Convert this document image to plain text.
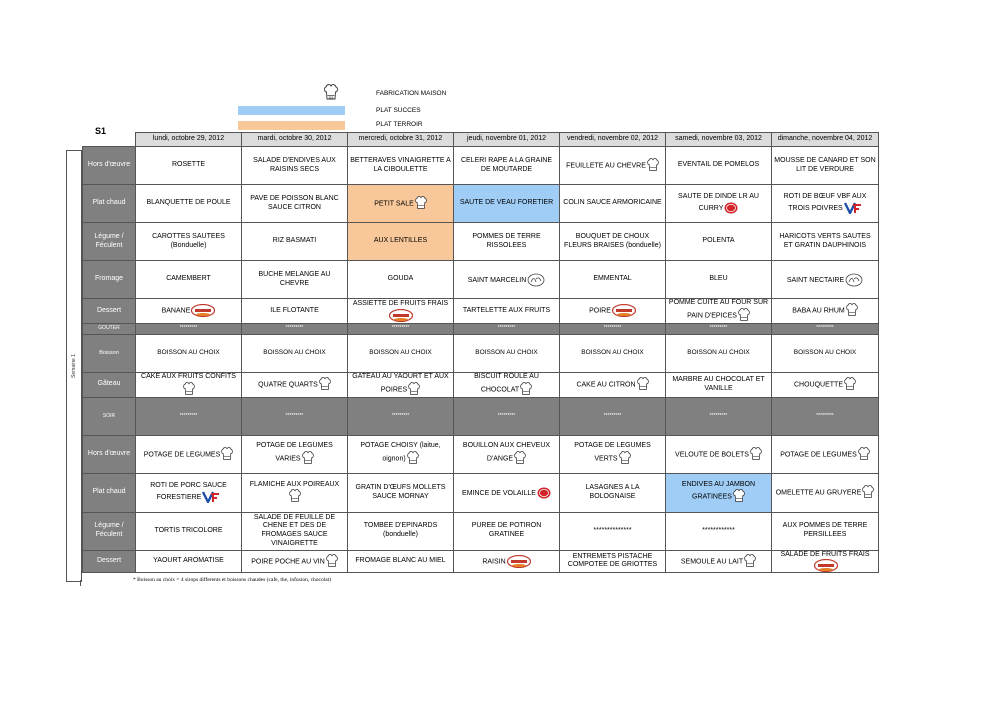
ISS
FABRICATION MAISON
PLAT SUCCES
PLAT TERROIR
S1
Semaine 1
	lundi, octobre 29, 2012	mardi, octobre 30, 2012	mercredi, octobre 31, 2012	jeudi, novembre 01, 2012	vendredi, novembre 02, 2012	samedi, novembre 03, 2012	dimanche, novembre 04, 2012
Hors d'œuvre	ROSETTE	SALADE D'ENDIVES AUX RAISINS SECS	BETTERAVES VINAIGRETTE A LA CIBOULETTE	CELERI RAPE A LA GRAINE DE MOUTARDE	FEUILLETE AU CHEVRE	EVENTAIL DE POMELOS	MOUSSE DE CANARD ET SON LIT DE VERDURE
Plat chaud	BLANQUETTE DE POULE	PAVE DE POISSON BLANC SAUCE CITRON	PETIT SALE	SAUTE DE VEAU FORETIER	COLIN SAUCE ARMORICAINE	SAUTE DE DINDE LR AU CURRY	ROTI DE BŒUF VBF AUX TROIS POIVRES
Légume / Féculent	CAROTTES SAUTEES (Bonduelle)	RIZ BASMATI	AUX LENTILLES	POMMES DE TERRE RISSOLEES	BOUQUET DE CHOUX FLEURS BRAISES (bonduelle)	POLENTA	HARICOTS VERTS SAUTES ET GRATIN DAUPHINOIS
Fromage	CAMEMBERT	BUCHE MELANGE AU CHEVRE	GOUDA	SAINT MARCELIN	EMMENTAL	BLEU	SAINT NECTAIRE
Dessert	BANANE	ILE FLOTANTE	ASSIETTE DE FRUITS FRAIS	TARTELETTE AUX FRUITS	POIRE	POMME CUITE AU FOUR SUR PAIN D'EPICES	BABA AU RHUM
GOUTER	*********	*********	*********	*********	*********	*********	*********
Boisson	BOISSON AU CHOIX	BOISSON AU CHOIX	BOISSON AU CHOIX	BOISSON AU CHOIX	BOISSON AU CHOIX	BOISSON AU CHOIX	BOISSON AU CHOIX
Gâteau	CAKE AUX FRUITS CONFITS	QUATRE QUARTS	GATEAU AU YAOURT ET AUX POIRES	BISCUIT ROULE AU CHOCOLAT	CAKE AU CITRON	MARBRE AU CHOCOLAT ET VANILLE	CHOUQUETTE
SOIR	*********	*********	*********	*********	*********	*********	*********
Hors d'œuvre	POTAGE DE LEGUMES	POTAGE DE LEGUMES VARIES	POTAGE CHOISY (laitue, oignon)	BOUILLON AUX CHEVEUX D'ANGE	POTAGE DE LEGUMES VERTS	VELOUTE DE BOLETS	POTAGE DE LEGUMES
Plat chaud	ROTI DE PORC SAUCE FORESTIERE	FLAMICHE AUX POIREAUX	GRATIN D'ŒUFS MOLLETS SAUCE MORNAY	EMINCE DE VOLAILLE	LASAGNES A LA BOLOGNAISE	ENDIVES AU JAMBON GRATINEES	OMELETTE AU GRUYERE
Légume / Féculent	TORTIS TRICOLORE	SALADE DE FEUILLE DE CHENE ET DES DE FROMAGES SAUCE VINAIGRETTE	TOMBEE D'EPINARDS (bonduelle)	PUREE DE POTIRON GRATINEE	**************	************	AUX POMMES DE TERRE PERSILLEES
Dessert	YAOURT AROMATISE	POIRE POCHE AU VIN	FROMAGE BLANC AU MIEL	RAISIN	ENTREMETS PISTACHE COMPOTEE DE GRIOTTES	SEMOULE AU LAIT	SALADE DE FRUITS FRAIS
* Boisson au choix = 4 sirops differents et boissons chaudes (cafe, the, infusion, chocolat)
